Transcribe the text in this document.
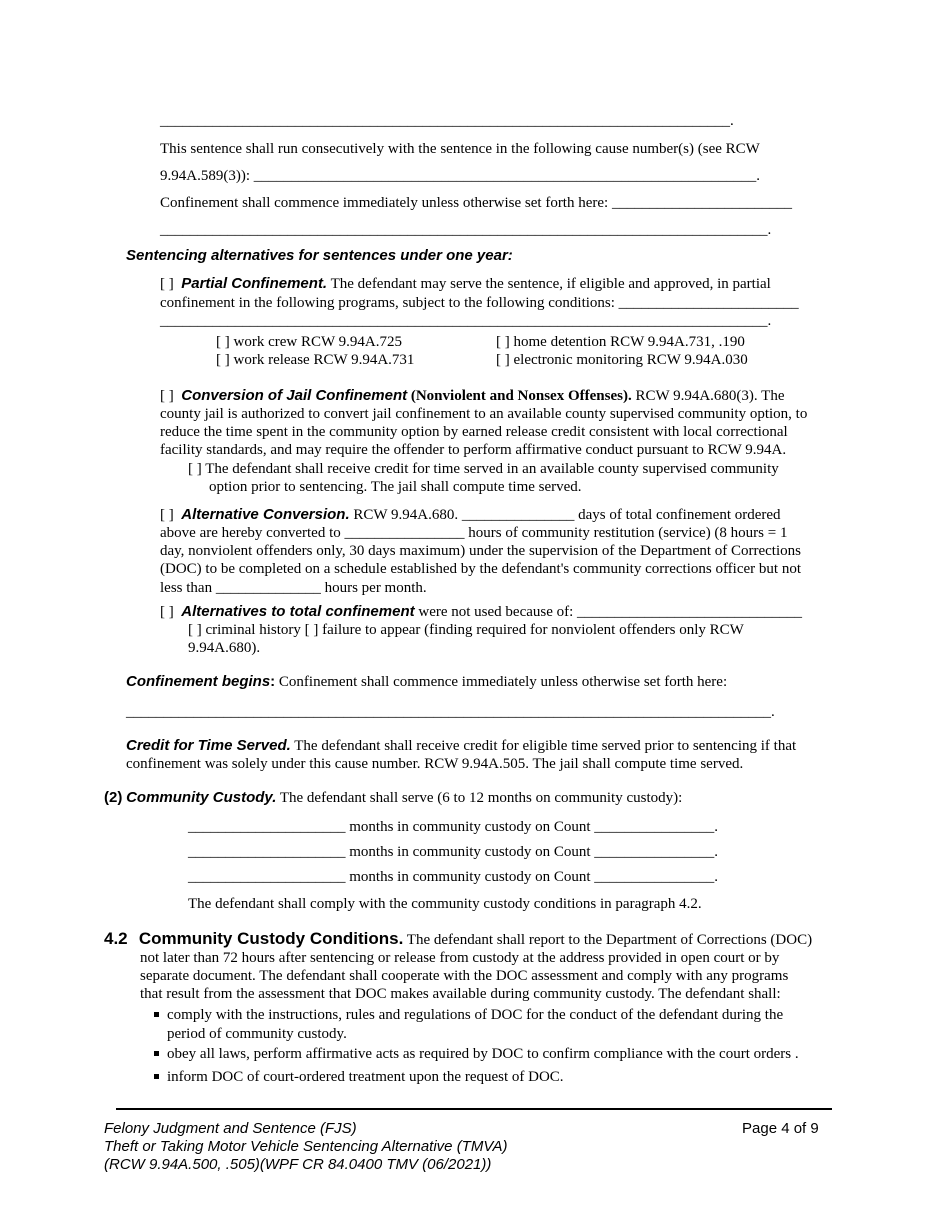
____________________________________________________________________________.
This sentence shall run consecutively with the sentence in the following cause number(s) (see RCW
9.94A.589(3)): ___________________________________________________________________.
Confinement shall commence immediately unless otherwise set forth here: ________________________
_________________________________________________________________________________.
Sentencing alternatives for sentences under one year:
[ ] Partial Confinement. The defendant may serve the sentence, if eligible and approved, in partial
confinement in the following programs, subject to the following conditions: ________________________
_________________________________________________________________________________.
[ ] work crew RCW 9.94A.725	[ ] home detention RCW 9.94A.731, .190
[ ] work release RCW 9.94A.731	[ ] electronic monitoring RCW 9.94A.030
[ ] Conversion of Jail Confinement (Nonviolent and Nonsex Offenses). RCW 9.94A.680(3). The
county jail is authorized to convert jail confinement to an available county supervised community option, to
reduce the time spent in the community option by earned release credit consistent with local correctional
facility standards, and may require the offender to perform affirmative conduct pursuant to RCW 9.94A.
[ ] The defendant shall receive credit for time served in an available county supervised community
option prior to sentencing. The jail shall compute time served.
[ ] Alternative Conversion. RCW 9.94A.680. _______________ days of total confinement ordered
above are hereby converted to ________________ hours of community restitution (service) (8 hours = 1
day, nonviolent offenders only, 30 days maximum) under the supervision of the Department of Corrections
(DOC) to be completed on a schedule established by the defendant's community corrections officer but not
less than ______________ hours per month.
[ ] Alternatives to total confinement were not used because of: ______________________________
[ ] criminal history [ ] failure to appear (finding required for nonviolent offenders only RCW
9.94A.680).
Confinement begins: Confinement shall commence immediately unless otherwise set forth here:
______________________________________________________________________________________.
Credit for Time Served. The defendant shall receive credit for eligible time served prior to sentencing if that
confinement was solely under this cause number. RCW 9.94A.505. The jail shall compute time served.
(2) Community Custody. The defendant shall serve (6 to 12 months on community custody):
_____________________ months in community custody on Count ________________.
_____________________ months in community custody on Count ________________.
_____________________ months in community custody on Count ________________.
The defendant shall comply with the community custody conditions in paragraph 4.2.
4.2 Community Custody Conditions. The defendant shall report to the Department of Corrections (DOC)
not later than 72 hours after sentencing or release from custody at the address provided in open court or by
separate document. The defendant shall cooperate with the DOC assessment and comply with any programs
that result from the assessment that DOC makes available during community custody. The defendant shall:
comply with the instructions, rules and regulations of DOC for the conduct of the defendant during the
period of community custody.
obey all laws, perform affirmative acts as required by DOC to confirm compliance with the court orders .
inform DOC of court-ordered treatment upon the request of DOC.
Felony Judgment and Sentence (FJS)
Theft or Taking Motor Vehicle Sentencing Alternative (TMVA)
(RCW 9.94A.500, .505)(WPF CR 84.0400 TMV (06/2021))
Page 4 of 9
